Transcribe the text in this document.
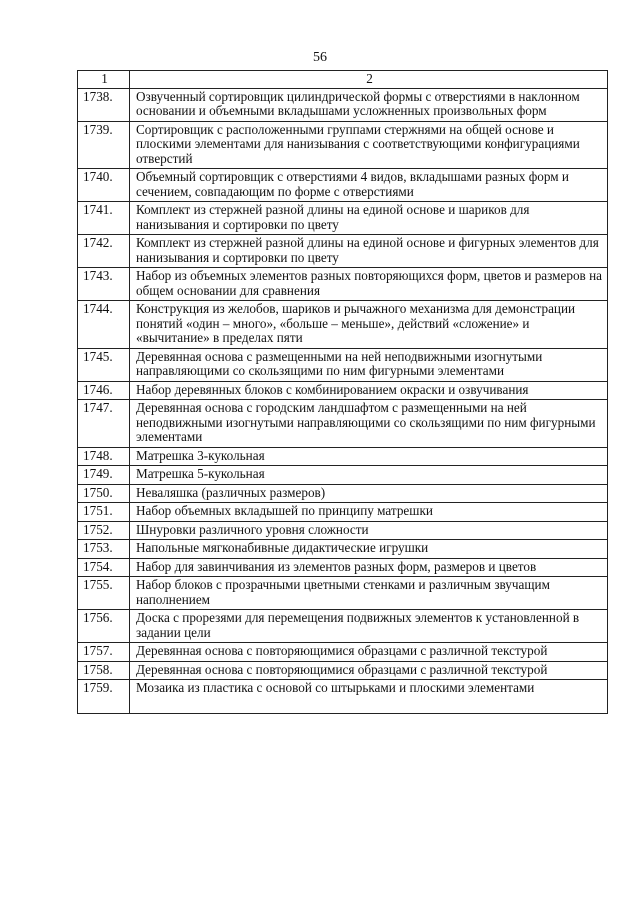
56
1	2
1738.	Озвученный сортировщик цилиндрической формы с отверстиями в наклонном основании и объемными вкладышами усложненных произвольных форм
1739.	Сортировщик с расположенными группами стержнями на общей основе и плоскими элементами для нанизывания с соответствующими конфигурациями отверстий
1740.	Объемный сортировщик с отверстиями 4 видов, вкладышами разных форм и сечением, совпадающим по форме с отверстиями
1741.	Комплект из стержней разной длины на единой основе и шариков для нанизывания и сортировки по цвету
1742.	Комплект из стержней разной длины на единой основе и фигурных элементов для нанизывания и сортировки по цвету
1743.	Набор из объемных элементов разных повторяющихся форм, цветов и размеров на общем основании для сравнения
1744.	Конструкция из желобов, шариков и рычажного механизма для демонстрации понятий «один – много», «больше – меньше», действий «сложение» и «вычитание» в пределах пяти
1745.	Деревянная основа с размещенными на ней неподвижными изогнутыми направляющими со скользящими по ним фигурными элементами
1746.	Набор деревянных блоков с комбинированием окраски и озвучивания
1747.	Деревянная основа с городским ландшафтом с размещенными на ней неподвижными изогнутыми направляющими со скользящими по ним фигурными элементами
1748.	Матрешка 3-кукольная
1749.	Матрешка 5-кукольная
1750.	Неваляшка (различных размеров)
1751.	Набор объемных вкладышей по принципу матрешки
1752.	Шнуровки различного уровня сложности
1753.	Напольные мягконабивные дидактические игрушки
1754.	Набор для завинчивания из элементов разных форм, размеров и цветов
1755.	Набор блоков с прозрачными цветными стенками и различным звучащим наполнением
1756.	Доска с прорезями для перемещения подвижных элементов к установленной в задании цели
1757.	Деревянная основа с повторяющимися образцами с различной текстурой
1758.	Деревянная основа с повторяющимися образцами с различной текстурой
1759.	Мозаика из пластика с основой со штырьками и плоскими элементами
